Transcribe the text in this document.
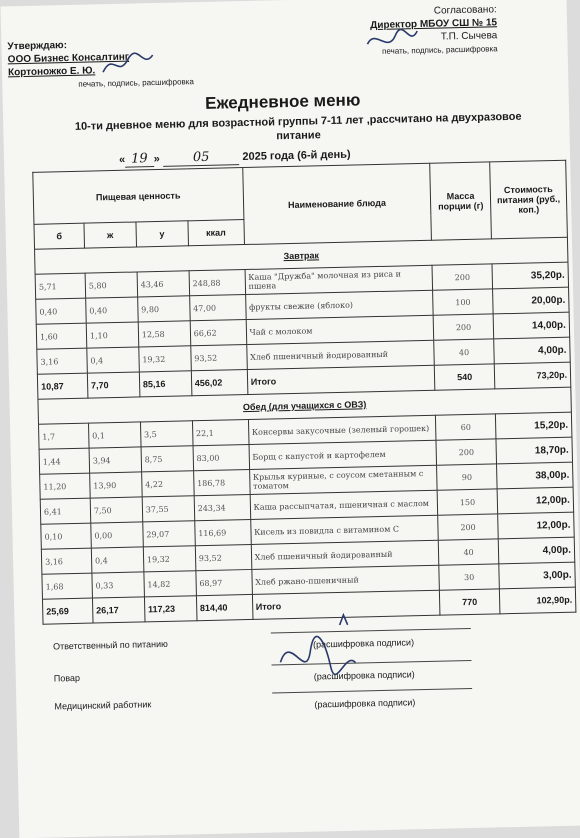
Утверждаю:
ООО Бизнес Консалтинг
Кортоножко Е. Ю.
печать, подпись, расшифровка
Согласовано:
Директор МБОУ СШ № 15
Т.П. Сычева
печать, подпись, расшифровка
Ежедневное меню
10-ти дневное меню для возрастной группы 7-11 лет ,рассчитано на двухразовое питание
« 19 » 05	2025 года (6-й день)
Пищевая ценность				Наименование блюда	Масса порции (г)	Стоимость питания (руб., коп.)
б	ж	у	ккал			
Завтрак						
5,71	5,80	43,46	248,88	Каша "Дружба" молочная из риса и пшена	200	35,20р.
0,40	0,40	9,80	47,00	фрукты свежие (яблоко)	100	20,00р.
1,60	1,10	12,58	66,62	Чай с молоком	200	14,00р.
3,16	0,4	19,32	93,52	Хлеб пшеничный йодированный	40	4,00р.
10,87	7,70	85,16	456,02	Итого	540	73,20р.
Обед (для учащихся с ОВЗ)						
1,7	0,1	3,5	22,1	Консервы закусочные (зеленый горошек)	60	15,20р.
1,44	3,94	8,75	83,00	Борщ с капустой и картофелем	200	18,70р.
11,20	13,90	4,22	186,78	Крылья куриные, с соусом сметанным с томатом	90	38,00р.
6,41	7,50	37,55	243,34	Каша рассыпчатая, пшеничная с маслом	150	12,00р.
0,10	0,00	29,07	116,69	Кисель из повидла с витамином С	200	12,00р.
3,16	0,4	19,32	93,52	Хлеб пшеничный йодированный	40	4,00р.
1,68	0,33	14,82	68,97	Хлеб ржано-пшеничный	30	3,00р.
25,69	26,17	117,23	814,40	Итого	770	102,90р.
Ответственный по питанию	(расшифровка подписи)
Повар	(расшифровка подписи)
Медицинский работник	(расшифровка подписи)
